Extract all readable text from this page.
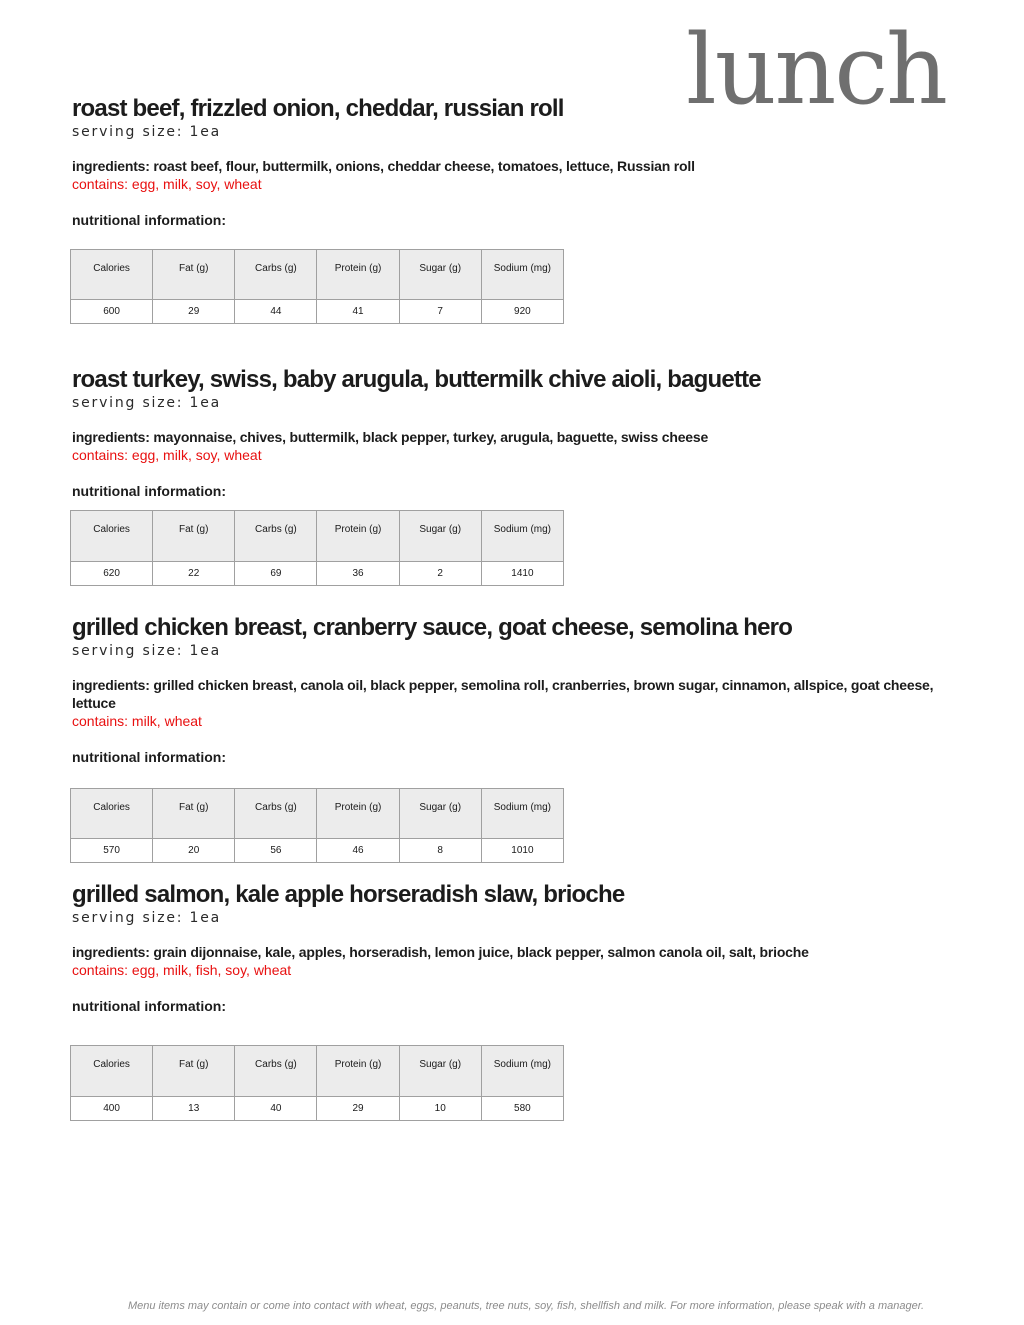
lunch
roast beef, frizzled onion, cheddar, russian roll

serving size: 1ea

ingredients: roast beef, flour, buttermilk, onions, cheddar cheese, tomatoes, lettuce, Russian roll

contains: egg, milk, soy, wheat

nutritional information:

Calories	Fat (g)	Carbs (g)	Protein (g)	Sugar (g)	Sodium (mg)
600	29	44	41	7	920
roast turkey, swiss, baby arugula, buttermilk chive aioli, baguette

serving size: 1ea

ingredients: mayonnaise, chives, buttermilk, black pepper, turkey, arugula, baguette, swiss cheese

contains: egg, milk, soy, wheat

nutritional information:

Calories	Fat (g)	Carbs (g)	Protein (g)	Sugar (g)	Sodium (mg)
620	22	69	36	2	1410
grilled chicken breast, cranberry sauce, goat cheese, semolina hero

serving size: 1ea

ingredients: grilled chicken breast, canola oil, black pepper, semolina roll, cranberries, brown sugar, cinnamon, allspice, goat cheese, lettuce

contains: milk, wheat

nutritional information:

Calories	Fat (g)	Carbs (g)	Protein (g)	Sugar (g)	Sodium (mg)
570	20	56	46	8	1010
grilled salmon, kale apple horseradish slaw, brioche

serving size: 1ea

ingredients: grain dijonnaise, kale, apples, horseradish, lemon juice, black pepper, salmon canola oil, salt, brioche

contains: egg, milk, fish, soy, wheat

nutritional information:

Calories	Fat (g)	Carbs (g)	Protein (g)	Sugar (g)	Sodium (mg)
400	13	40	29	10	580

Menu items may contain or come into contact with wheat, eggs, peanuts, tree nuts, soy, fish, shellfish and milk. For more information, please speak with a manager.
